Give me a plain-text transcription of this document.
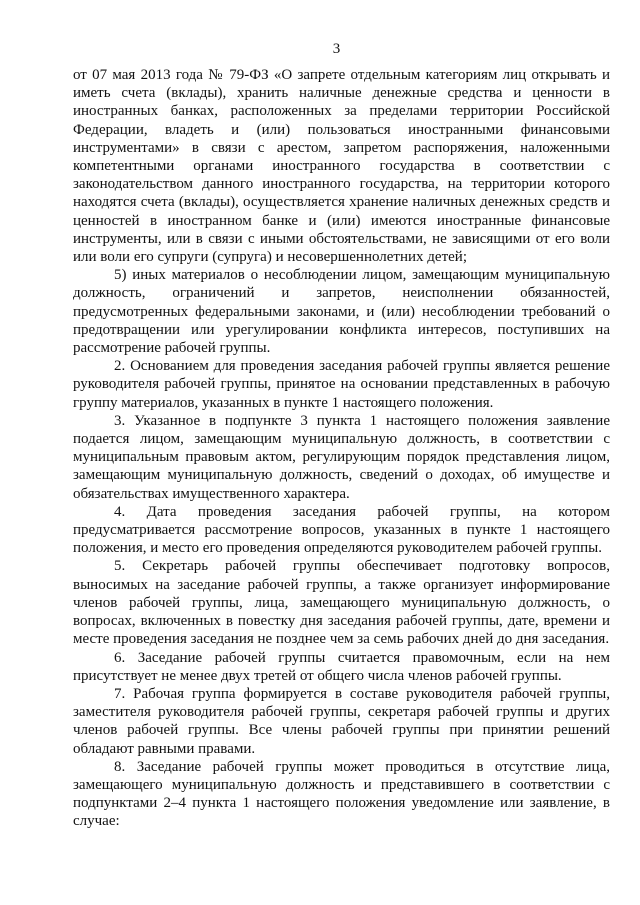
3

от 07 мая 2013 года № 79-ФЗ «О запрете отдельным категориям лиц открывать и иметь счета (вклады), хранить наличные денежные средства и ценности в иностранных банках, расположенных за пределами территории Российской Федерации, владеть и (или) пользоваться иностранными финансовыми инструментами» в связи с арестом, запретом распоряжения, наложенными компетентными органами иностранного государства в соответствии с законодательством данного иностранного государства, на территории которого находятся счета (вклады), осуществляется хранение наличных денежных средств и ценностей в иностранном банке и (или) имеются иностранные финансовые инструменты, или в связи с иными обстоятельствами, не зависящими от его воли или воли его супруги (супруга) и несовершеннолетних детей;

5) иных материалов о несоблюдении лицом, замещающим муниципальную должность, ограничений и запретов, неисполнении обязанностей, предусмотренных федеральными законами, и (или) несоблюдении требований о предотвращении или урегулировании конфликта интересов, поступивших на рассмотрение рабочей группы.

2. Основанием для проведения заседания рабочей группы является решение руководителя рабочей группы, принятое на основании представленных в рабочую группу материалов, указанных в пункте 1 настоящего положения.

3. Указанное в подпункте 3 пункта 1 настоящего положения заявление подается лицом, замещающим муниципальную должность, в соответствии с муниципальным правовым актом, регулирующим порядок представления лицом, замещающим муниципальную должность, сведений о доходах, об имуществе и обязательствах имущественного характера.

4. Дата проведения заседания рабочей группы, на котором предусматривается рассмотрение вопросов, указанных в пункте 1 настоящего положения, и место его проведения определяются руководителем рабочей группы.

5. Секретарь рабочей группы обеспечивает подготовку вопросов, выносимых на заседание рабочей группы, а также организует информирование членов рабочей группы, лица, замещающего муниципальную должность, о вопросах, включенных в повестку дня заседания рабочей группы, дате, времени и месте проведения заседания не позднее чем за семь рабочих дней до дня заседания.

6. Заседание рабочей группы считается правомочным, если на нем присутствует не менее двух третей от общего числа членов рабочей группы.

7. Рабочая группа формируется в составе руководителя рабочей группы, заместителя руководителя рабочей группы, секретаря рабочей группы и других членов рабочей группы. Все члены рабочей группы при принятии решений обладают равными правами.

8. Заседание рабочей группы может проводиться в отсутствие лица, замещающего муниципальную должность и представившего в соответствии с подпунктами 2–4 пункта 1 настоящего положения уведомление или заявление, в случае:
